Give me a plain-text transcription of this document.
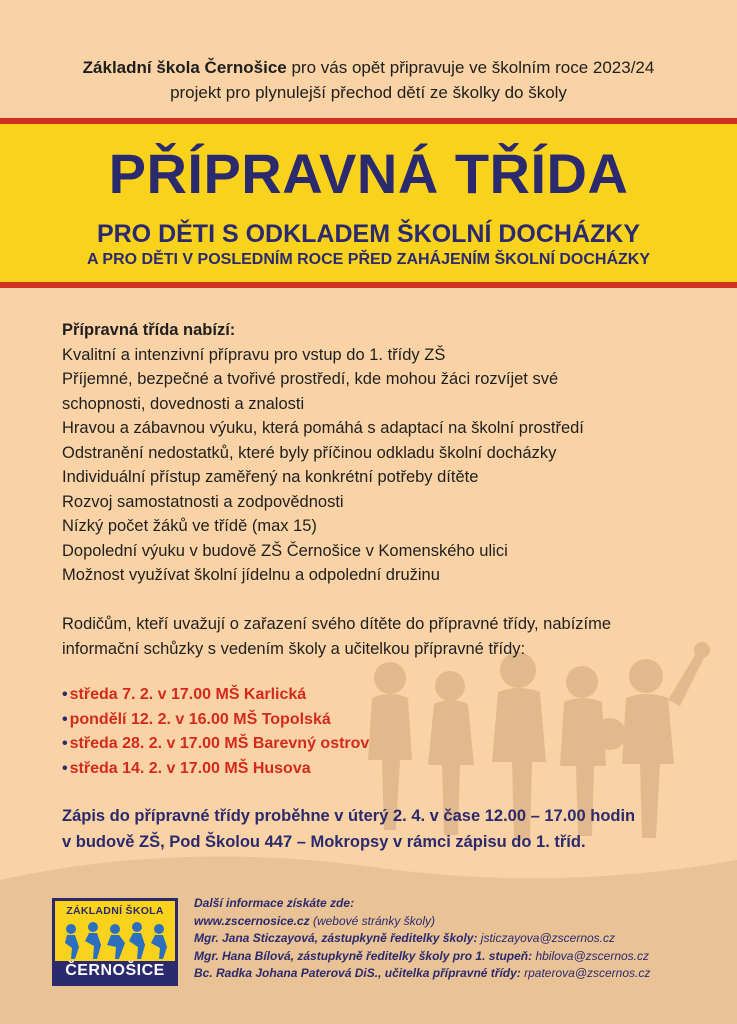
Základní škola Černošice pro vás opět připravuje ve školním roce 2023/24
projekt pro plynulejší přechod dětí ze školky do školy
PŘÍPRAVNÁ TŘÍDA
PRO DĚTI S ODKLADEM ŠKOLNÍ DOCHÁZKY
A PRO DĚTI V POSLEDNÍM ROCE PŘED ZAHÁJENÍM ŠKOLNÍ DOCHÁZKY
Přípravná třída nabízí:
Kvalitní a intenzivní přípravu pro vstup do 1. třídy ZŠ
Příjemné, bezpečné a tvořivé prostředí, kde mohou žáci rozvíjet své
schopnosti, dovednosti a znalosti
Hravou a zábavnou výuku, která pomáhá s adaptací na školní prostředí
Odstranění nedostatků, které byly příčinou odkladu školní docházky
Individuální přístup zaměřený na konkrétní potřeby dítěte
Rozvoj samostatnosti a zodpovědnosti
Nízký počet žáků ve třídě (max 15)
Dopolední výuku v budově ZŠ Černošice v Komenského ulici
Možnost využívat školní jídelnu a odpolední družinu
Rodičům, kteří uvažují o zařazení svého dítěte do přípravné třídy, nabízíme
informační schůzky s vedením školy a učitelkou přípravné třídy:
• středa 7. 2. v 17.00 MŠ Karlická
• pondělí 12. 2. v 16.00 MŠ Topolská
• středa 28. 2. v 17.00 MŠ Barevný ostrov
• středa 14. 2. v 17.00 MŠ Husova
Zápis do přípravné třídy proběhne v úterý 2. 4. v čase 12.00 – 17.00 hodin
v budově ZŠ, Pod Školou 447 – Mokropsy v rámci zápisu do 1. tříd.
ZÁKLADNÍ ŠKOLA
ČERNOŠICE
Další informace získáte zde:
www.zscernosice.cz (webové stránky školy)
Mgr. Jana Sticzayová, zástupkyně ředitelky školy: jsticzayova@zscernos.cz
Mgr. Hana Bílová, zástupkyně ředitelky školy pro 1. stupeň: hbilova@zscernos.cz
Bc. Radka Johana Paterová DiS., učitelka přípravné třídy: rpaterova@zscernos.cz
